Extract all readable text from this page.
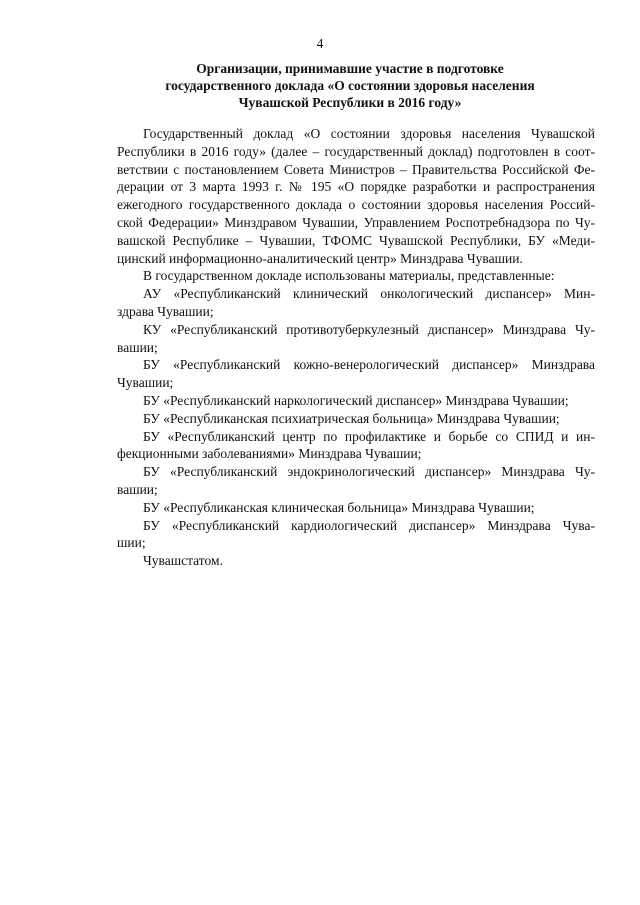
4
Организации, принимавшие участие в подготовке
государственного доклада «О состоянии здоровья населения
Чувашской Республики в 2016 году»
Государственный доклад «О состоянии здоровья населения Чувашской
Республики в 2016 году» (далее – государственный доклад) подготовлен в соот-
ветствии с постановлением Совета Министров – Правительства Российской Фе-
дерации от 3 марта 1993 г. № 195 «О порядке разработки и распространения
ежегодного государственного доклада о состоянии здоровья населения Россий-
ской Федерации» Минздравом Чувашии, Управлением Роспотребнадзора по Чу-
вашской Республике – Чувашии, ТФОМС Чувашской Республики, БУ «Меди-
цинский информационно-аналитический центр» Минздрава Чувашии.
В государственном докладе использованы материалы, представленные:
АУ «Республиканский клинический онкологический диспансер» Мин-
здрава Чувашии;
КУ «Республиканский противотуберкулезный диспансер» Минздрава Чу-
вашии;
БУ «Республиканский кожно-венерологический диспансер» Минздрава
Чувашии;
БУ «Республиканский наркологический диспансер» Минздрава Чувашии;
БУ «Республиканская психиатрическая больница» Минздрава Чувашии;
БУ «Республиканский центр по профилактике и борьбе со СПИД и ин-
фекционными заболеваниями» Минздрава Чувашии;
БУ «Республиканский эндокринологический диспансер» Минздрава Чу-
вашии;
БУ «Республиканская клиническая больница» Минздрава Чувашии;
БУ «Республиканский кардиологический диспансер» Минздрава Чува-
шии;
Чувашстатом.
